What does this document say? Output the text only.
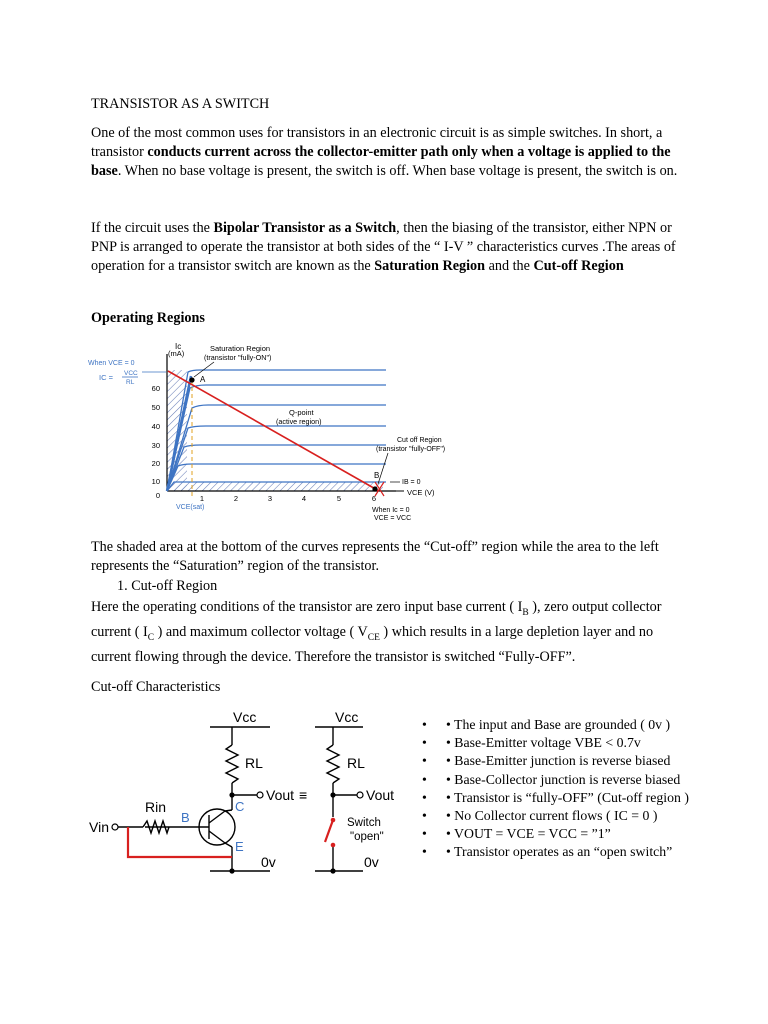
TRANSISTOR AS A SWITCH
One of the most common uses for transistors in an electronic circuit is as simple switches. In short, a transistor conducts current across the collector-emitter path only when a voltage is applied to the base. When no base voltage is present, the switch is off. When base voltage is present, the switch is on.
If the circuit uses the Bipolar Transistor as a Switch, then the biasing of the transistor, either NPN or PNP is arranged to operate the transistor at both sides of the “ I-V ” characteristics curves .The areas of operation for a transistor switch are known as the Saturation Region and the Cut-off Region
Operating Regions
60
50
40
30
20
10
0	1	2	3	4	5	6
Ic
(mA)
VCE (V)
VCE(sat)
When VCE = 0
IC = VCC
RL
Saturation Region
(transistor "fully-ON")
A
Q-point
(active region)
Cut off Region
(transistor "fully-OFF")
B
IB = 0
When Ic = 0
VCE = VCC
The shaded area at the bottom of the curves represents the “Cut-off” region while the area to the left represents the “Saturation” region of the transistor.
1. Cut-off Region
Here the operating conditions of the transistor are zero input base current ( $I_B$ ), zero output collector current ( $I_C$ ) and maximum collector voltage ( $V_{CE}$ ) which results in a large depletion layer and no current flowing through the device. Therefore the transistor is switched “Fully-OFF”.
Cut-off Characteristics
Vcc	Vcc
RL	RL
Vout	Vout
Rin
Vin
0v	0v
≡
B
C
E
Switch
"open"
• • The input and Base are grounded ( 0v )
• • Base-Emitter voltage VBE < 0.7v
• • Base-Emitter junction is reverse biased
• • Base-Collector junction is reverse biased
• • Transistor is “fully-OFF” (Cut-off region )
• • No Collector current flows ( IC = 0 )
• • VOUT = VCE = VCC = ”1”
• • Transistor operates as an “open switch”
